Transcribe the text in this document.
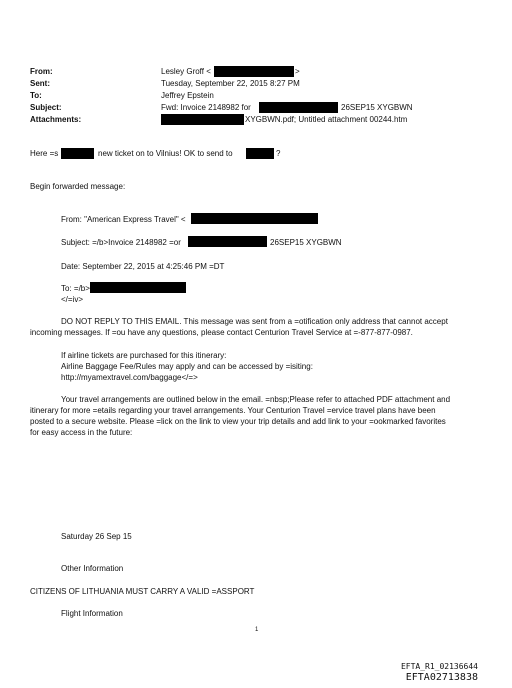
From:	Lesley Groff <	>
Sent:	Tuesday, September 22, 2015 8:27 PM
To:	Jeffrey Epstein
Subject:	Fwd: Invoice 2148982 for	26SEP15 XYGBWN
Attachments:	XYGBWN.pdf; Untitled attachment 00244.htm
Here =s	new ticket on to Vilnius! OK to send to	?
Begin forwarded message:
From: "American Express Travel" <
Subject: =/b>Invoice 2148982 =or	26SEP15 XYGBWN
Date: September 22, 2015 at 4:25:46 PM =DT
To: =/b>
</=iv>
DO NOT REPLY TO THIS EMAIL. This message was sent from a =otification only address that cannot accept
incoming messages. If =ou have any questions, please contact Centurion Travel Service at =-877-877-0987.
If airline tickets are purchased for this itinerary:
Airline Baggage Fee/Rules may apply and can be accessed by =isiting:
http://myamextravel.com/baggage</=>
Your travel arrangements are outlined below in the email. =nbsp;Please refer to attached PDF attachment and
itinerary for more =etails regarding your travel arrangements. Your Centurion Travel =ervice travel plans have been
posted to a secure website. Please =lick on the link to view your trip details and add link to your =ookmarked favorites
for easy access in the future:
Saturday 26 Sep 15
Other Information
CITIZENS OF LITHUANIA MUST CARRY A VALID =ASSPORT
Flight Information
1
EFTA_R1_02136644
EFTA02713838
